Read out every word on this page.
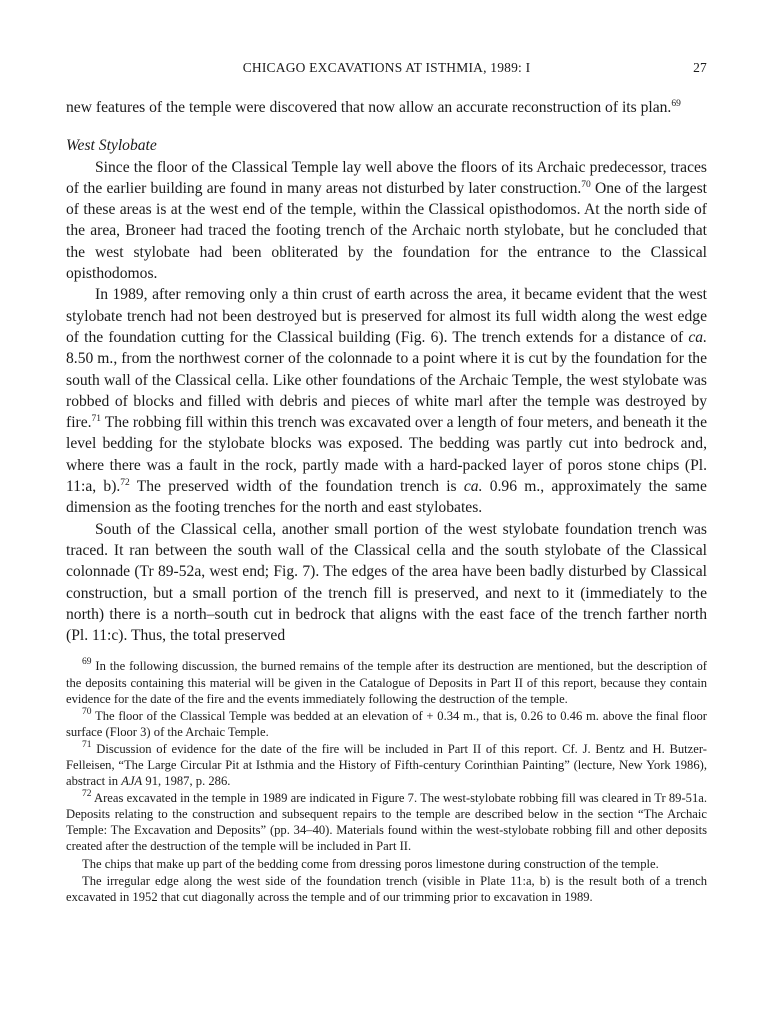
CHICAGO EXCAVATIONS AT ISTHMIA, 1989: I	27

new features of the temple were discovered that now allow an accurate reconstruction of its plan.$^{69}$

West Stylobate

Since the floor of the Classical Temple lay well above the floors of its Archaic predecessor, traces of the earlier building are found in many areas not disturbed by later construction.$^{70}$ One of the largest of these areas is at the west end of the temple, within the Classical opisthodomos. At the north side of the area, Broneer had traced the footing trench of the Archaic north stylobate, but he concluded that the west stylobate had been obliterated by the foundation for the entrance to the Classical opisthodomos.

In 1989, after removing only a thin crust of earth across the area, it became evident that the west stylobate trench had not been destroyed but is preserved for almost its full width along the west edge of the foundation cutting for the Classical building (Fig. 6). The trench extends for a distance of ca. 8.50 m., from the northwest corner of the colonnade to a point where it is cut by the foundation for the south wall of the Classical cella. Like other foundations of the Archaic Temple, the west stylobate was robbed of blocks and filled with debris and pieces of white marl after the temple was destroyed by fire.$^{71}$ The robbing fill within this trench was excavated over a length of four meters, and beneath it the level bedding for the stylobate blocks was exposed. The bedding was partly cut into bedrock and, where there was a fault in the rock, partly made with a hard-packed layer of poros stone chips (Pl. 11:a, b).$^{72}$ The preserved width of the foundation trench is ca. 0.96 m., approximately the same dimension as the footing trenches for the north and east stylobates.

South of the Classical cella, another small portion of the west stylobate foundation trench was traced. It ran between the south wall of the Classical cella and the south stylobate of the Classical colonnade (Tr 89-52a, west end; Fig. 7). The edges of the area have been badly disturbed by Classical construction, but a small portion of the trench fill is preserved, and next to it (immediately to the north) there is a north–south cut in bedrock that aligns with the east face of the trench farther north (Pl. 11:c). Thus, the total preserved

$^{69}$ In the following discussion, the burned remains of the temple after its destruction are mentioned, but the description of the deposits containing this material will be given in the Catalogue of Deposits in Part II of this report, because they contain evidence for the date of the fire and the events immediately following the destruction of the temple.

$^{70}$ The floor of the Classical Temple was bedded at an elevation of + 0.34 m., that is, 0.26 to 0.46 m. above the final floor surface (Floor 3) of the Archaic Temple.

$^{71}$ Discussion of evidence for the date of the fire will be included in Part II of this report. Cf. J. Bentz and H. Butzer-Felleisen, “The Large Circular Pit at Isthmia and the History of Fifth-century Corinthian Painting” (lecture, New York 1986), abstract in AJA 91, 1987, p. 286.

$^{72}$ Areas excavated in the temple in 1989 are indicated in Figure 7. The west-stylobate robbing fill was cleared in Tr 89-51a. Deposits relating to the construction and subsequent repairs to the temple are described below in the section “The Archaic Temple: The Excavation and Deposits” (pp. 34–40). Materials found within the west-stylobate robbing fill and other deposits created after the destruction of the temple will be included in Part II.

The chips that make up part of the bedding come from dressing poros limestone during construction of the temple.

The irregular edge along the west side of the foundation trench (visible in Plate 11:a, b) is the result both of a trench excavated in 1952 that cut diagonally across the temple and of our trimming prior to excavation in 1989.
